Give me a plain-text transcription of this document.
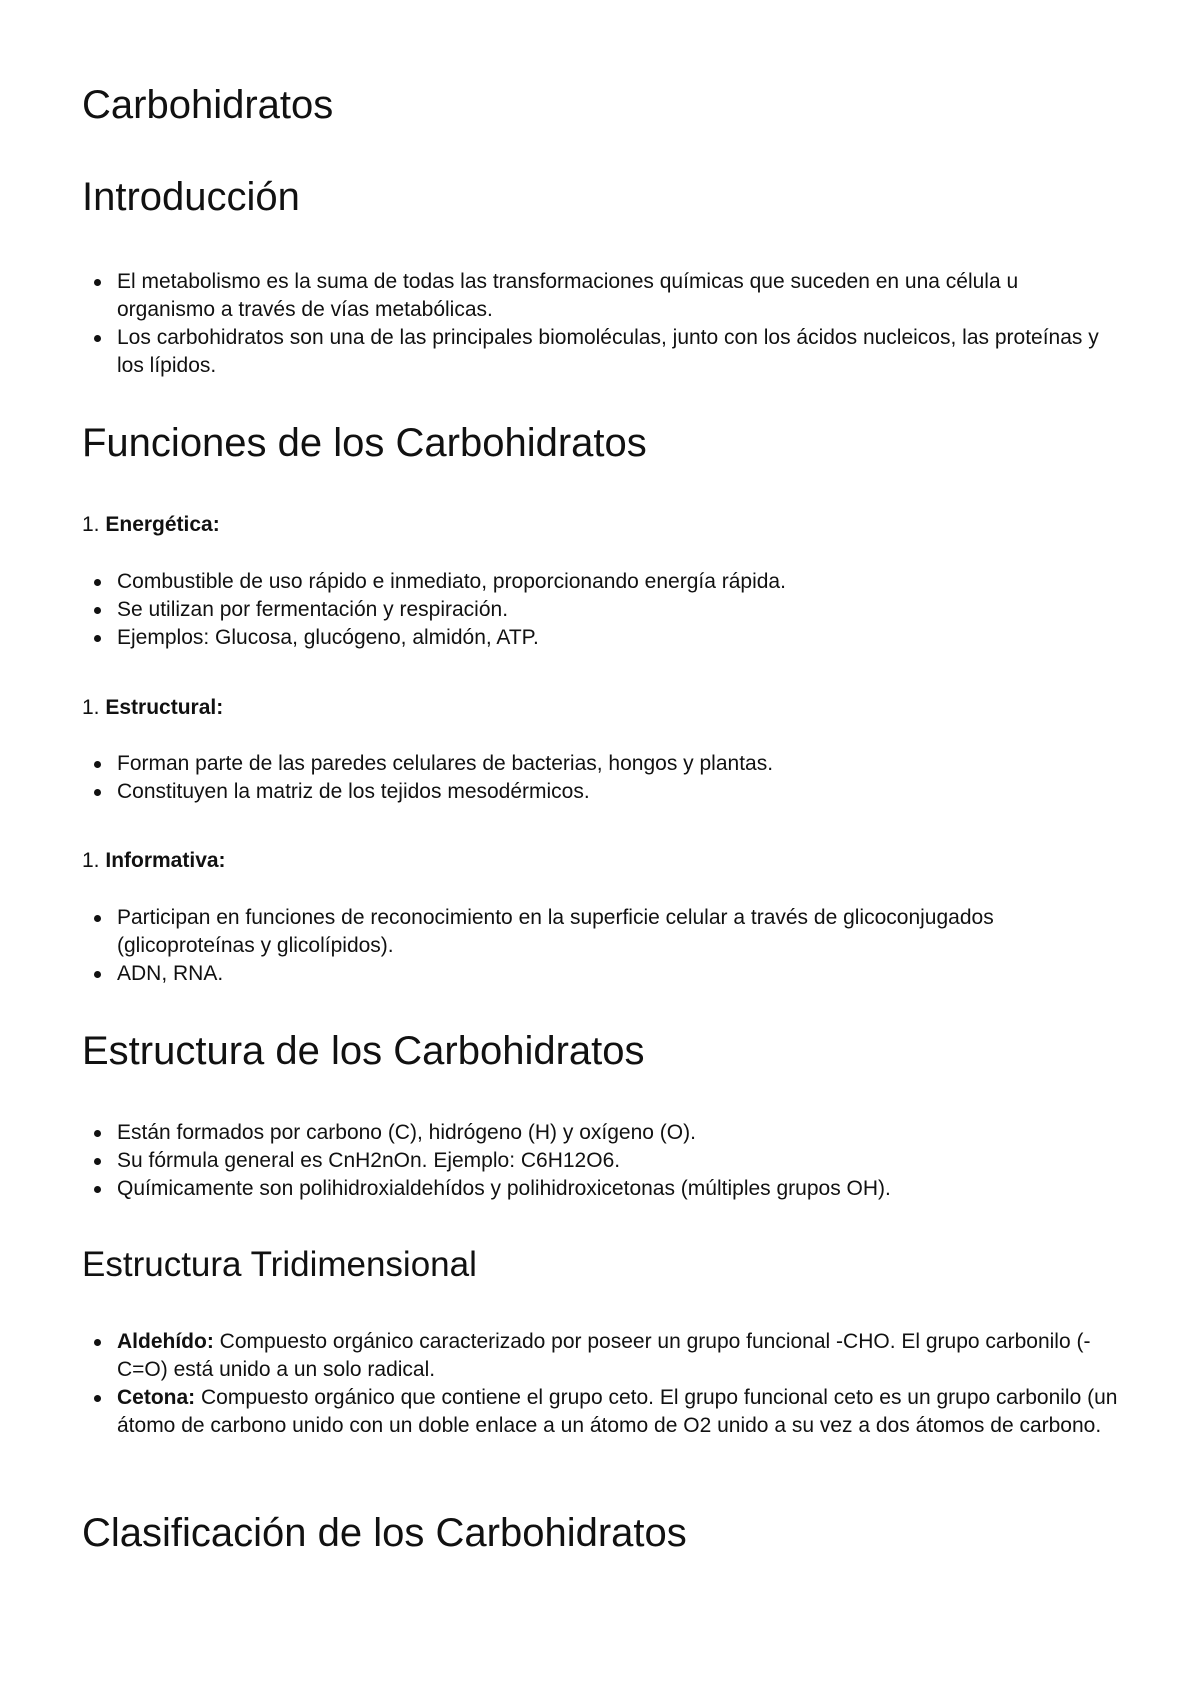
Carbohidratos
Introducción
El metabolismo es la suma de todas las transformaciones químicas que suceden en una célula u organismo a través de vías metabólicas.
Los carbohidratos son una de las principales biomoléculas, junto con los ácidos nucleicos, las proteínas y los lípidos.
Funciones de los Carbohidratos

1. Energética:

Combustible de uso rápido e inmediato, proporcionando energía rápida.
Se utilizan por fermentación y respiración.
Ejemplos: Glucosa, glucógeno, almidón, ATP.

1. Estructural:

Forman parte de las paredes celulares de bacterias, hongos y plantas.
Constituyen la matriz de los tejidos mesodérmicos.

1. Informativa:

Participan en funciones de reconocimiento en la superficie celular a través de glicoconjugados (glicoproteínas y glicolípidos).
ADN, RNA.
Estructura de los Carbohidratos
Están formados por carbono (C), hidrógeno (H) y oxígeno (O).
Su fórmula general es CnH2nOn. Ejemplo: C6H12O6.
Químicamente son polihidroxialdehídos y polihidroxicetonas (múltiples grupos OH).
Estructura Tridimensional
Aldehído: Compuesto orgánico caracterizado por poseer un grupo funcional -CHO. El grupo carbonilo (-C=O) está unido a un solo radical.
Cetona: Compuesto orgánico que contiene el grupo ceto. El grupo funcional ceto es un grupo carbonilo (un átomo de carbono unido con un doble enlace a un átomo de O2 unido a su vez a dos átomos de carbono.
Clasificación de los Carbohidratos
